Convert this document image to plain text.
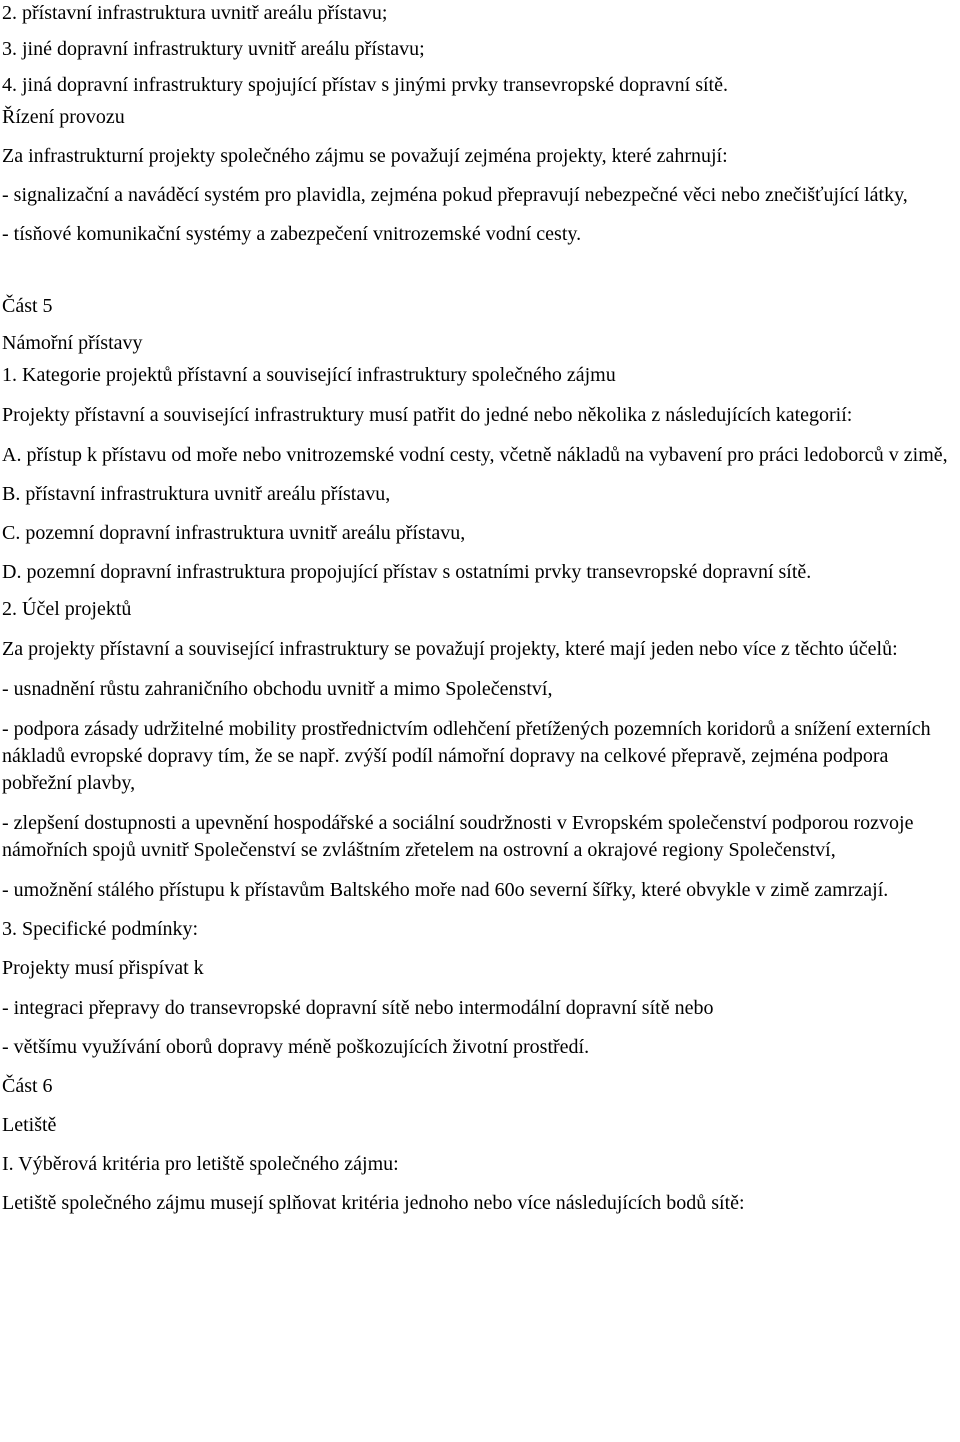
2. přístavní infrastruktura uvnitř areálu přístavu;

3. jiné dopravní infrastruktury uvnitř areálu přístavu;

4. jiná dopravní infrastruktury spojující přístav s jinými prvky transevropské dopravní sítě.

Řízení provozu

Za infrastrukturní projekty společného zájmu se považují zejména projekty, které zahrnují:

- signalizační a naváděcí systém pro plavidla, zejména pokud přepravují nebezpečné věci nebo znečišťující látky,

- tísňové komunikační systémy a zabezpečení vnitrozemské vodní cesty.

Část 5

Námořní přístavy

1. Kategorie projektů přístavní a související infrastruktury společného zájmu

Projekty přístavní a související infrastruktury musí patřit do jedné nebo několika z následujících kategorií:

A. přístup k přístavu od moře nebo vnitrozemské vodní cesty, včetně nákladů na vybavení pro práci ledoborců v zimě,

B. přístavní infrastruktura uvnitř areálu přístavu,

C. pozemní dopravní infrastruktura uvnitř areálu přístavu,

D. pozemní dopravní infrastruktura propojující přístav s ostatními prvky transevropské dopravní sítě.

2. Účel projektů

Za projekty přístavní a související infrastruktury se považují projekty, které mají jeden nebo více z těchto účelů:

- usnadnění růstu zahraničního obchodu uvnitř a mimo Společenství,

- podpora zásady udržitelné mobility prostřednictvím odlehčení přetížených pozemních koridorů a snížení externích nákladů evropské dopravy tím, že se např. zvýší podíl námořní dopravy na celkové přepravě, zejména podpora pobřežní plavby,

- zlepšení dostupnosti a upevnění hospodářské a sociální soudržnosti v Evropském společenství podporou rozvoje námořních spojů uvnitř Společenství se zvláštním zřetelem na ostrovní a okrajové regiony Společenství,

- umožnění stálého přístupu k přístavům Baltského moře nad 60o severní šířky, které obvykle v zimě zamrzají.

3. Specifické podmínky:

Projekty musí přispívat k

- integraci přepravy do transevropské dopravní sítě nebo intermodální dopravní sítě nebo

- většímu využívání oborů dopravy méně poškozujících životní prostředí.

Část 6

Letiště

I. Výběrová kritéria pro letiště společného zájmu:

Letiště společného zájmu musejí splňovat kritéria jednoho nebo více následujících bodů sítě:
